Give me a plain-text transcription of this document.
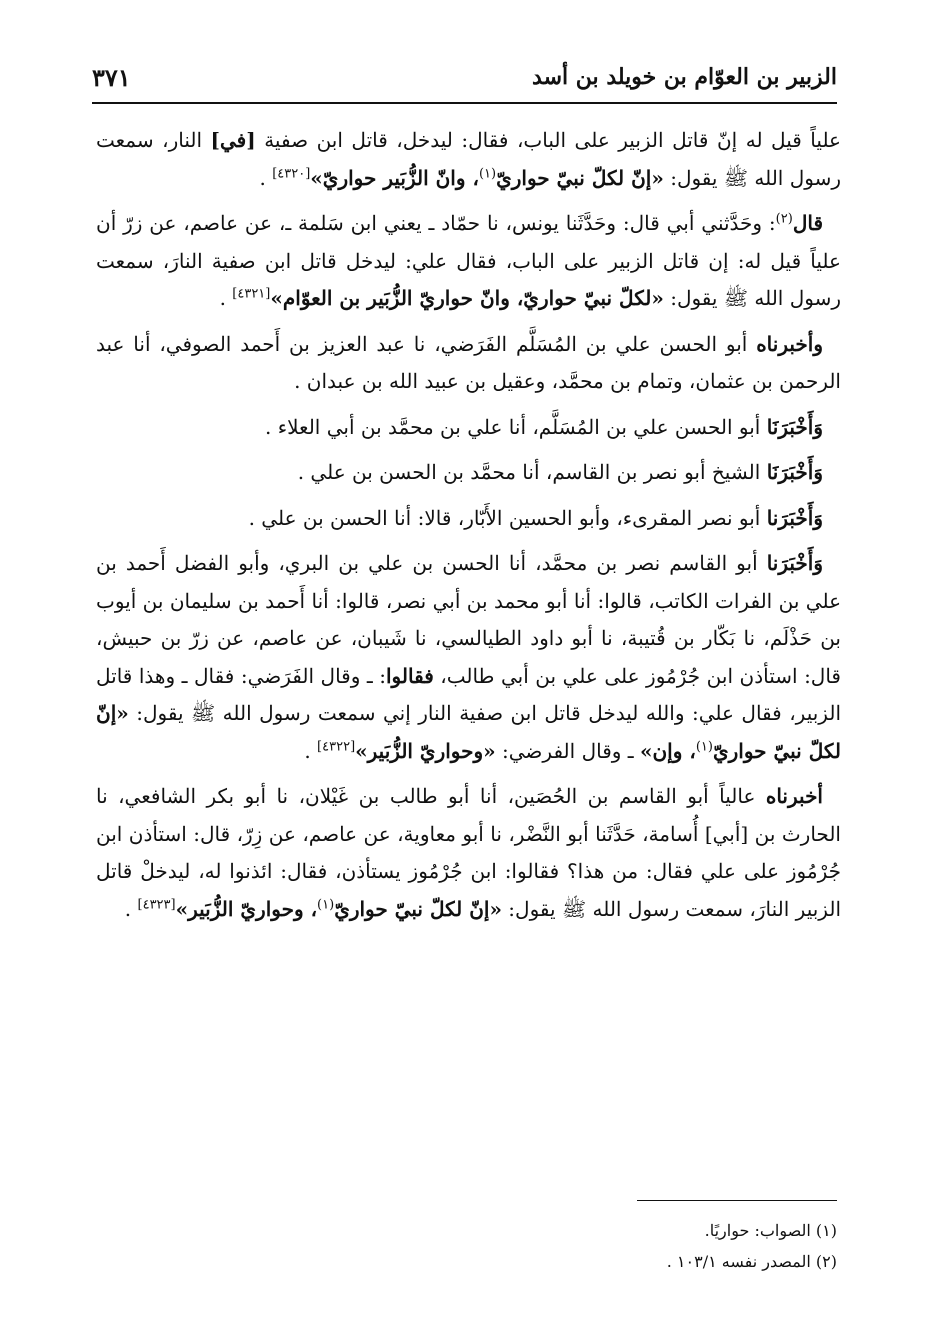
الزبير بن العوّام بن خويلد بن أسد
٣٧١

علياً قيل له إنّ قاتل الزبير على الباب، فقال: ليدخل، قاتل ابن صفية [في] النار، سمعت رسول الله ﷺ يقول: «إنّ لكلّ نبيّ حواريّ$^{(١)}$، وانّ الزُّبَير حواريّ»[٤٣٢٠] .

قال$^{(٢)}$: وحَدَّثني أبي قال: وحَدَّثَنا يونس، نا حمّاد ـ يعني ابن سَلمة ـ، عن عاصم، عن زرّ أن علياً قيل له: إن قاتل الزبير على الباب، فقال علي: ليدخل قاتل ابن صفية النارَ، سمعت رسول الله ﷺ يقول: «لكلّ نبيّ حواريّ، وانّ حواريّ الزُّبَير بن العوّام»[٤٣٢١] .

وأخبرناه أبو الحسن علي بن المُسَلَّم الفَرَضي، نا عبد العزيز بن أَحمد الصوفي، أنا عبد الرحمن بن عثمان، وتمام بن محمَّد، وعقيل بن عبيد الله بن عبدان .

وَأَخْبَرَنَا أبو الحسن علي بن المُسَلَّم، أنا علي بن محمَّد بن أبي العلاء .

وَأَخْبَرَنَا الشيخ أبو نصر بن القاسم، أنا محمَّد بن الحسن بن علي .

وَأَخْبَرَنا أبو نصر المقرىء، وأبو الحسين الأَبّار، قالا: أنا الحسن بن علي .

وَأَخْبَرَنا أبو القاسم نصر بن محمَّد، أنا الحسن بن علي بن البري، وأبو الفضل أَحمد بن علي بن الفرات الكاتب، قالوا: أنا أبو محمد بن أبي نصر، قالوا: أنا أَحمد بن سليمان بن أيوب بن حَذْلَم، نا بَكّار بن قُتيبة، نا أبو داود الطيالسي، نا شَيبان، عن عاصم، عن زرّ بن حبيش، قال: استأذن ابن جُرْمُوز على علي بن أبي طالب، فقالوا: ـ وقال الفَرَضي: فقال ـ وهذا قاتل الزبير، فقال علي: والله ليدخل قاتل ابن صفية النار إني سمعت رسول الله ﷺ يقول: «إنّ لكلّ نبيّ حواريّ$^{(١)}$، وإن» ـ وقال الفرضي: «وحواريّ الزُّبَير»[٤٣٢٢] .

أخبرناه عالياً أبو القاسم بن الحُصَين، أنا أبو طالب بن غَيْلان، نا أبو بكر الشافعي، نا الحارث بن [أبي] أُسامة، حَدَّثَنا أبو النَّضْر، نا أبو معاوية، عن عاصم، عن زِرّ، قال: استأذن ابن جُرْمُوز على علي فقال: من هذا؟ فقالوا: ابن جُرْمُوز يستأذن، فقال: ائذنوا له، ليدخلْ قاتل الزبير النارَ، سمعت رسول الله ﷺ يقول: «إنّ لكلّ نبيّ حواريّ$^{(١)}$، وحواريّ الزُّبَير»[٤٣٢٣] .

(١) الصواب: حواريًا.

(٢) المصدر نفسه ١٠٣/١ .
